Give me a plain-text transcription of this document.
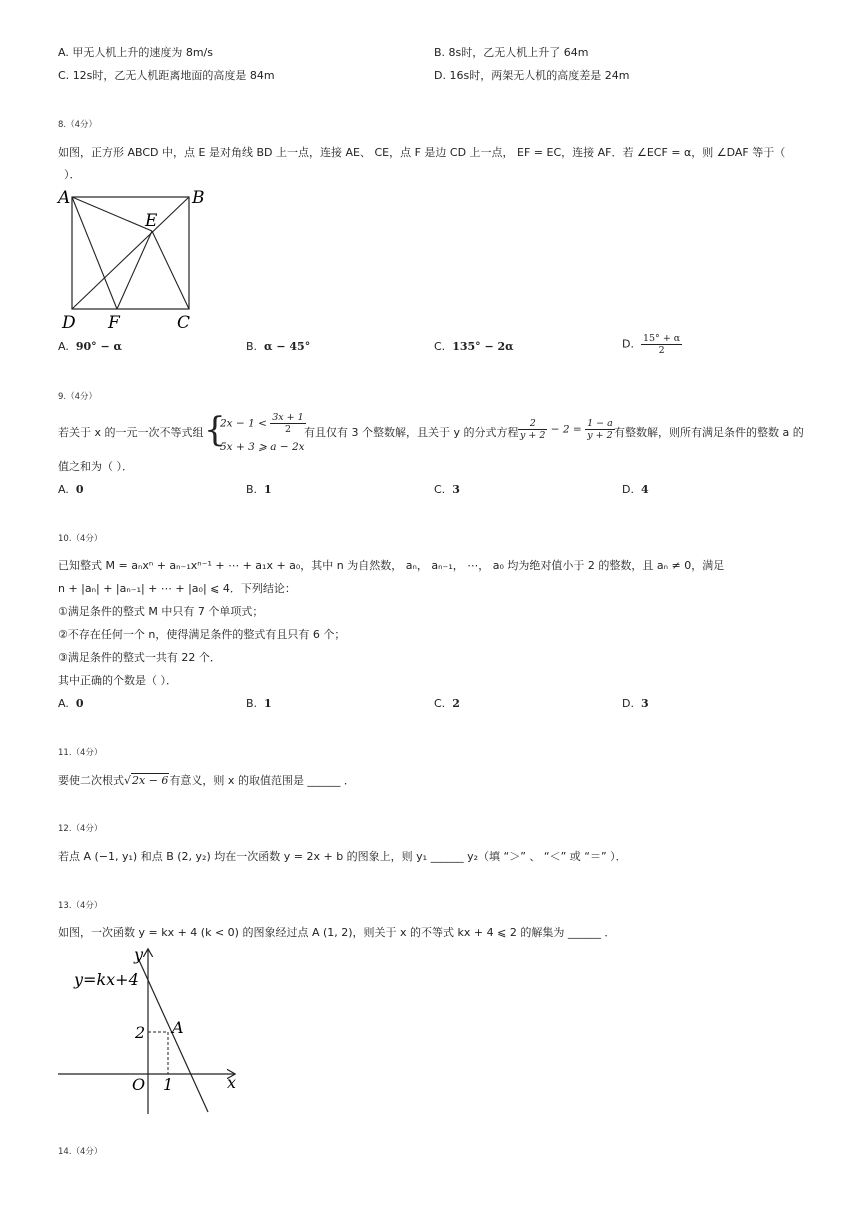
A. 甲无人机上升的速度为 8m/s	B. 8s时，乙无人机上升了 64m
C. 12s时，乙无人机距离地面的高度是 84m	D. 16s时，两架无人机的高度差是 24m
8.（4分）
如图，正方形 ABCD 中，点 E 是对角线 BD 上一点，连接 AE、 CE，点 F 是边 CD 上一点， EF = EC，连接 AF．若 ∠ECF = α，则 ∠DAF 等于（
）．
A	B
E
D F	C
A. 90° − α	B. α − 45°	C. 135° − 2α	D. $\frac{15^\circ + \alpha}{2}$
9.（4分）
若关于 x 的一元一次不等式组 {
$2x - 1 < \frac{3x + 1}{2}$
5x + 3 ⩾ a − 2x
有且仅有 3 个整数解，且关于 y 的分式方程 $\frac{2}{y + 2} - 2 = \frac{1 - a}{y + 2}$ 有整数解，则所有满足条件的整数 a 的
值之和为（ ）．
A. 0	B. 1	C. 3	D. 4
10.（4分）
已知整式 M = aₙxⁿ + aₙ₋₁xⁿ⁻¹ + ⋯ + a₁x + a₀，其中 n 为自然数， aₙ， aₙ₋₁， ⋯， a₀ 均为绝对值小于 2 的整数，且 aₙ ≠ 0，满足
n + |aₙ| + |aₙ₋₁| + ⋯ + |a₀| ⩽ 4．下列结论：
①满足条件的整式 M 中只有 7 个单项式；
②不存在任何一个 n，使得满足条件的整式有且只有 6 个；
③满足条件的整式一共有 22 个．
其中正确的个数是（ ）．
A. 0	B. 1	C. 2	D. 3
11.（4分）
要使二次根式√2x − 6有意义，则 x 的取值范围是 ______ ．
12.（4分）
若点 A (−1, y₁) 和点 B (2, y₂) 均在一次函数 y = 2x + b 的图象上，则 y₁ ______ y₂（填 “＞” 、 “＜” 或 “＝” ）．
13.（4分）
如图，一次函数 y = kx + 4 (k < 0) 的图象经过点 A (1, 2)，则关于 x 的不等式 kx + 4 ⩽ 2 的解集为 ______ ．
y
x
O
y=kx+4
2
1
A
14.（4分）
